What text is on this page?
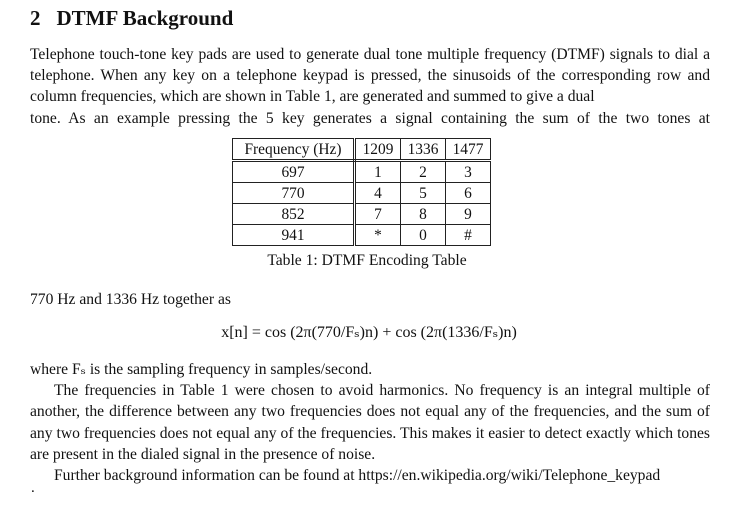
2 DTMF Background
Telephone touch-tone key pads are used to generate dual tone multiple frequency (DTMF) signals to dial a telephone. When any key on a telephone keypad is pressed, the sinusoids of the corresponding row and column frequencies, which are shown in Table 1, are generated and summed to give a dual
tone. As an example pressing the 5 key generates a signal containing the sum of the two tones at
Frequency (Hz)	1209	1336	1477
697	1	2	3
770	4	5	6
852	7	8	9
941	*	0	#
Table 1: DTMF Encoding Table
770 Hz and 1336 Hz together as
x[n] = cos (2π(770/Fₛ)n) + cos (2π(1336/Fₛ)n)
where Fₛ is the sampling frequency in samples/second.
The frequencies in Table 1 were chosen to avoid harmonics. No frequency is an integral multiple of another, the difference between any two frequencies does not equal any of the frequencies, and the sum of any two frequencies does not equal any of the frequencies. This makes it easier to detect exactly which tones are present in the dialed signal in the presence of noise.
Further background information can be found at https://en.wikipedia.org/wiki/Telephone_keypad
.
